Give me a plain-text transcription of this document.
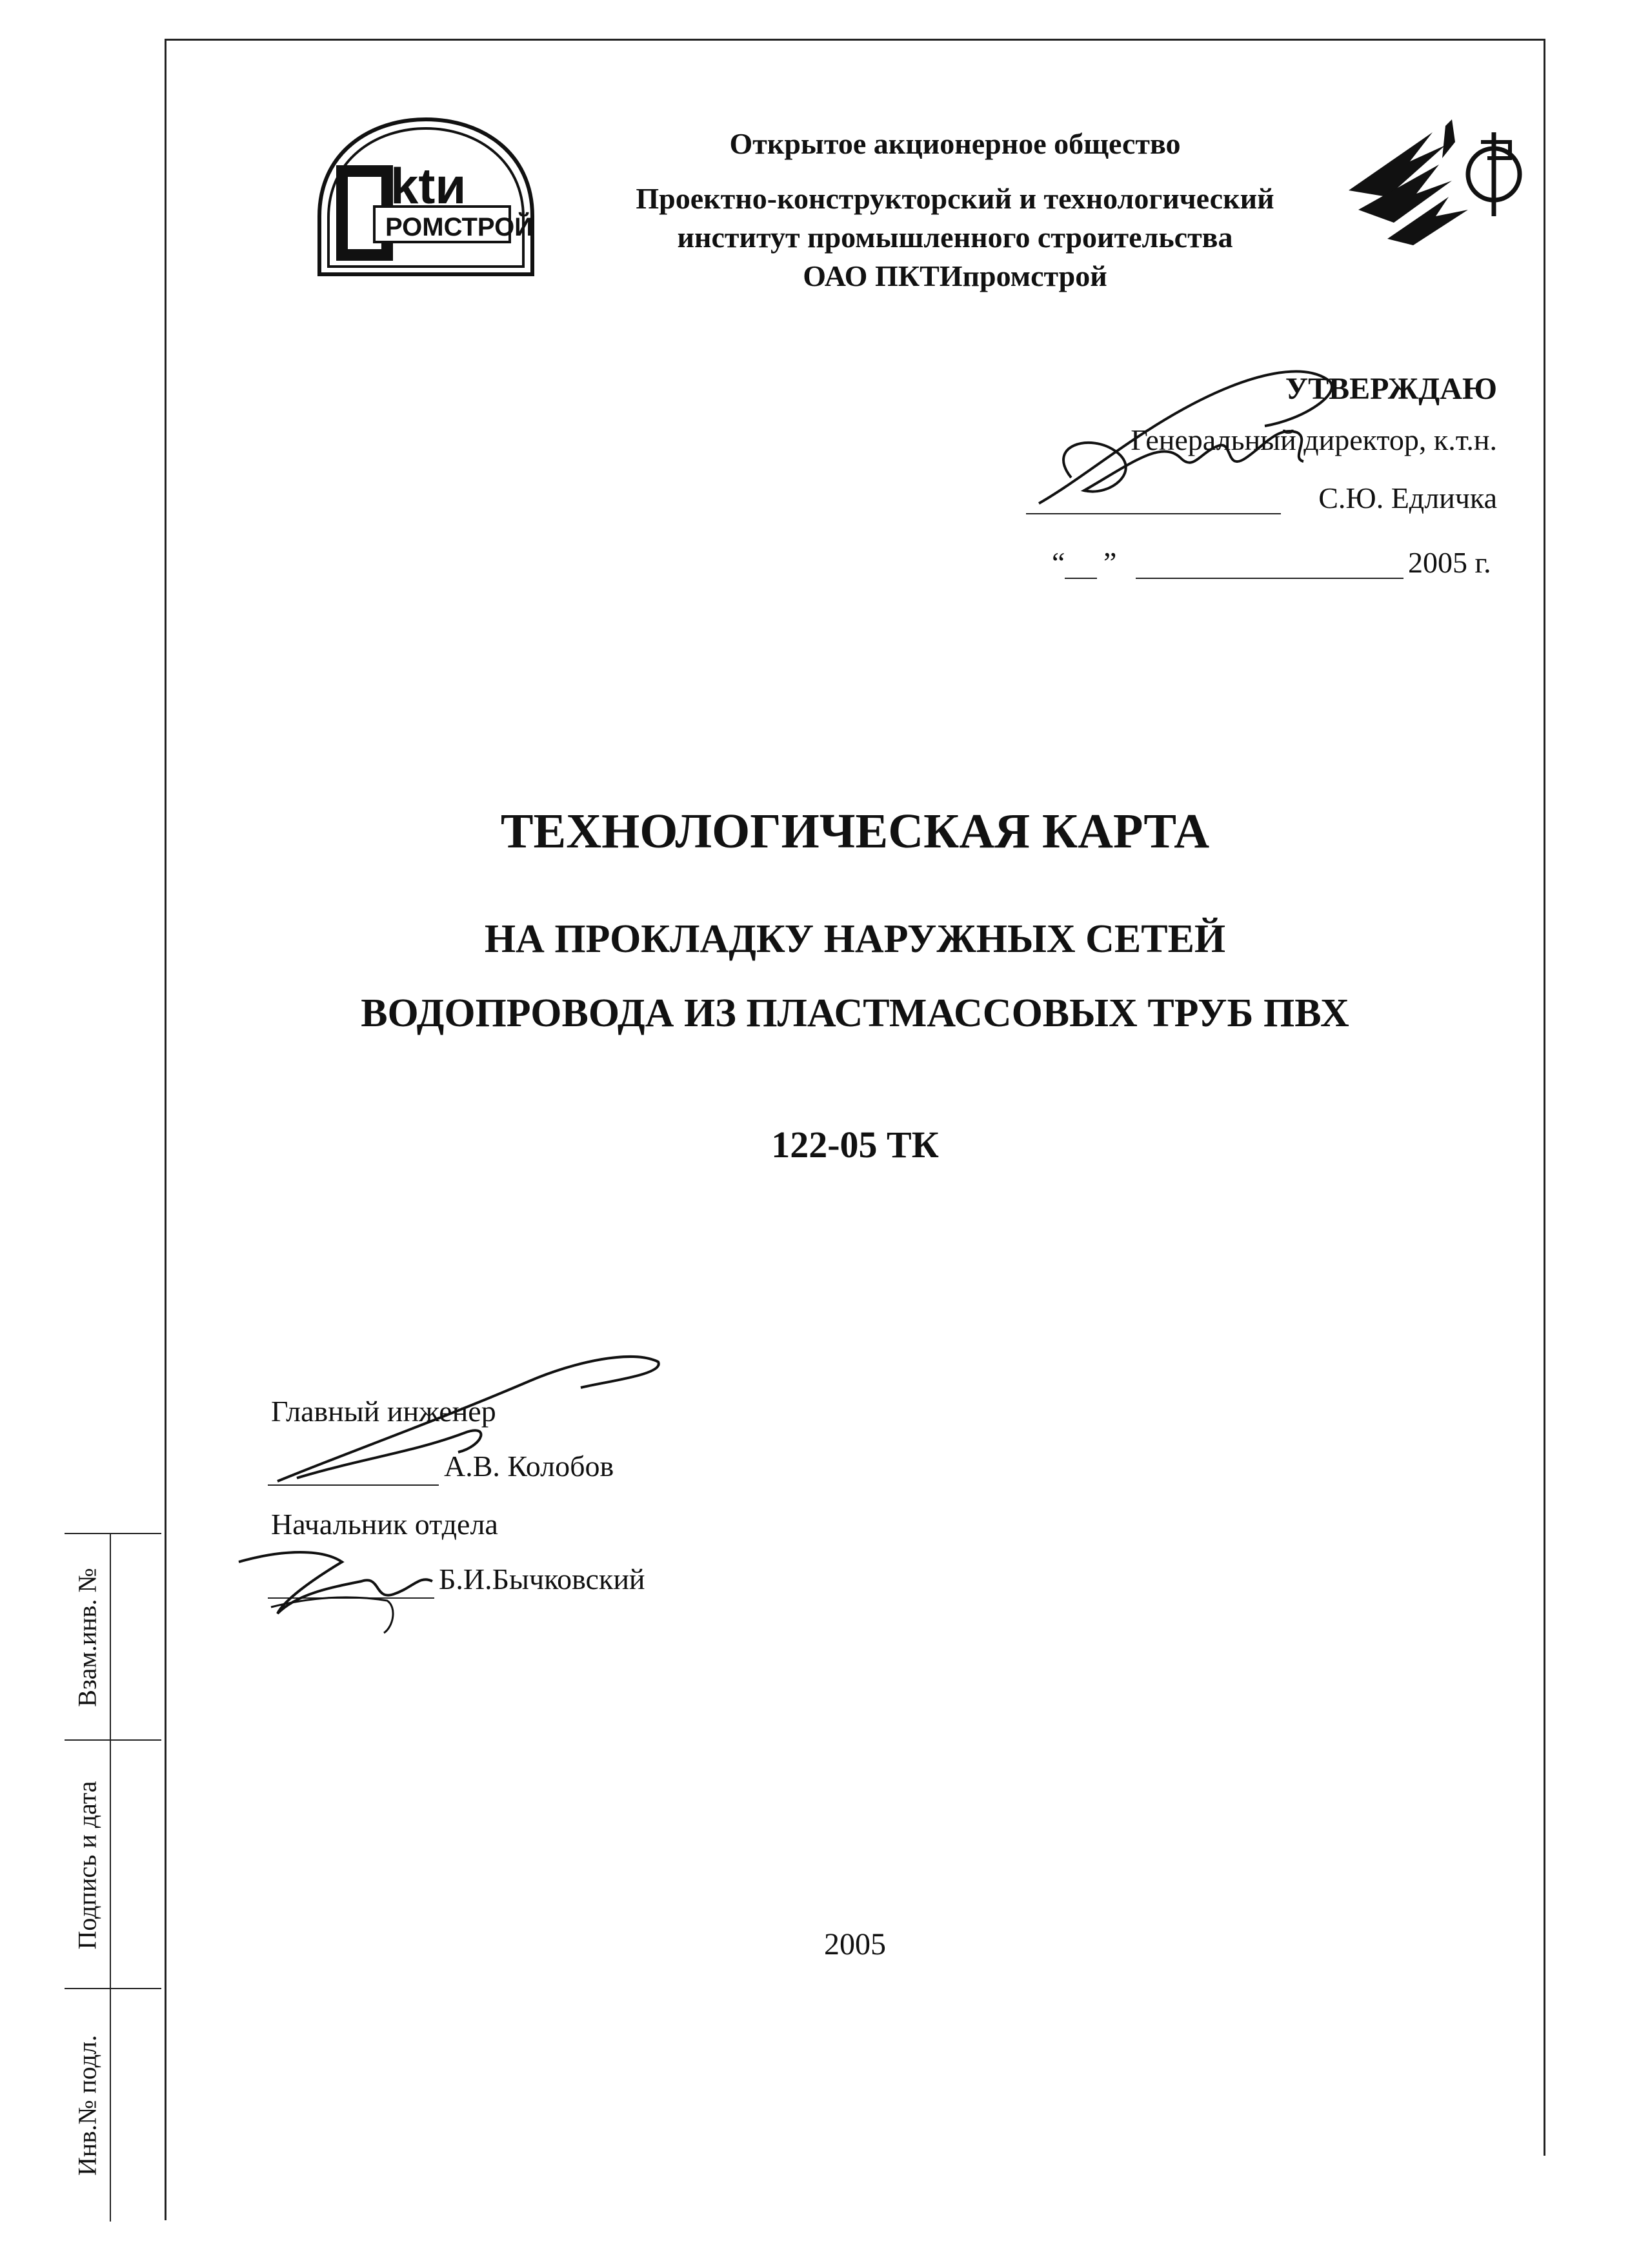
ktи
РОМСТРОЙ
Открытое акционерное общество
Проектно-конструкторский и технологический
институт промышленного строительства
ОАО ПКТИпромстрой
УТВЕРЖДАЮ
Генеральный директор, к.т.н.
С.Ю. Едличка
“ ”	2005 г.
ТЕХНОЛОГИЧЕСКАЯ КАРТА
НА ПРОКЛАДКУ НАРУЖНЫХ СЕТЕЙ
ВОДОПРОВОДА ИЗ ПЛАСТМАССОВЫХ ТРУБ ПВХ
122-05 ТК
Главный инженер
А.В. Колобов
Начальник отдела
Б.И.Бычковский
2005
Взам.инв. №
Подпись и дата
Инв.№ подл.
